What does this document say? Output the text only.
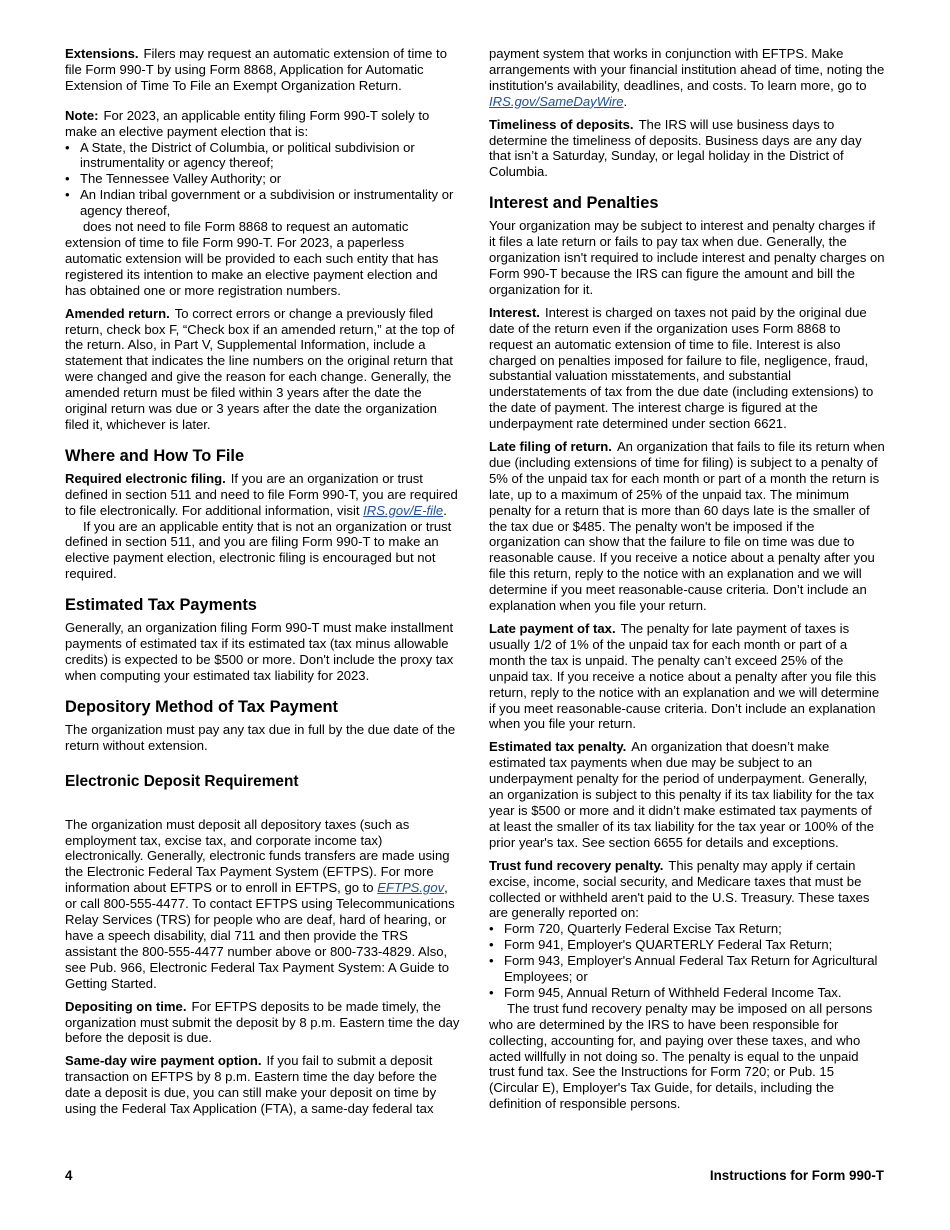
Extensions. Filers may request an automatic extension of time to file Form 990-T by using Form 8868, Application for Automatic Extension of Time To File an Exempt Organization Return.

Note: For 2023, an applicable entity filing Form 990-T solely to make an elective payment election that is:

• A State, the District of Columbia, or political subdivision or instrumentality or agency thereof;
• The Tennessee Valley Authority; or
• An Indian tribal government or a subdivision or instrumentality or agency thereof,

does not need to file Form 8868 to request an automatic extension of time to file Form 990-T. For 2023, a paperless automatic extension will be provided to each such entity that has registered its intention to make an elective payment election and has obtained one or more registration numbers.

Amended return. To correct errors or change a previously filed return, check box F, “Check box if an amended return,” at the top of the return. Also, in Part V, Supplemental Information, include a statement that indicates the line numbers on the original return that were changed and give the reason for each change. Generally, the amended return must be filed within 3 years after the date the original return was due or 3 years after the date the organization filed it, whichever is later.

Where and How To File

Required electronic filing. If you are an organization or trust defined in section 511 and need to file Form 990-T, you are required to file electronically. For additional information, visit IRS.gov/E-file.

If you are an applicable entity that is not an organization or trust defined in section 511, and you are filing Form 990-T to make an elective payment election, electronic filing is encouraged but not required.

Estimated Tax Payments

Generally, an organization filing Form 990-T must make installment payments of estimated tax if its estimated tax (tax minus allowable credits) is expected to be $500 or more. Don't include the proxy tax when computing your estimated tax liability for 2023.

Depository Method of Tax Payment

The organization must pay any tax due in full by the due date of the return without extension.

Electronic Deposit Requirement

The organization must deposit all depository taxes (such as employment tax, excise tax, and corporate income tax) electronically. Generally, electronic funds transfers are made using the Electronic Federal Tax Payment System (EFTPS). For more information about EFTPS or to enroll in EFTPS, go to EFTPS.gov, or call 800-555-4477. To contact EFTPS using Telecommunications Relay Services (TRS) for people who are deaf, hard of hearing, or have a speech disability, dial 711 and then provide the TRS assistant the 800-555-4477 number above or 800-733-4829. Also, see Pub. 966, Electronic Federal Tax Payment System: A Guide to Getting Started.

Depositing on time. For EFTPS deposits to be made timely, the organization must submit the deposit by 8 p.m. Eastern time the day before the deposit is due.

Same-day wire payment option. If you fail to submit a deposit transaction on EFTPS by 8 p.m. Eastern time the day before the date a deposit is due, you can still make your deposit on time by using the Federal Tax Application (FTA), a same-day federal tax

payment system that works in conjunction with EFTPS. Make arrangements with your financial institution ahead of time, noting the institution's availability, deadlines, and costs. To learn more, go to IRS.gov/SameDayWire.

Timeliness of deposits. The IRS will use business days to determine the timeliness of deposits. Business days are any day that isn’t a Saturday, Sunday, or legal holiday in the District of Columbia.

Interest and Penalties

Your organization may be subject to interest and penalty charges if it files a late return or fails to pay tax when due. Generally, the organization isn't required to include interest and penalty charges on Form 990-T because the IRS can figure the amount and bill the organization for it.

Interest. Interest is charged on taxes not paid by the original due date of the return even if the organization uses Form 8868 to request an automatic extension of time to file. Interest is also charged on penalties imposed for failure to file, negligence, fraud, substantial valuation misstatements, and substantial understatements of tax from the due date (including extensions) to the date of payment. The interest charge is figured at the underpayment rate determined under section 6621.

Late filing of return. An organization that fails to file its return when due (including extensions of time for filing) is subject to a penalty of 5% of the unpaid tax for each month or part of a month the return is late, up to a maximum of 25% of the unpaid tax. The minimum penalty for a return that is more than 60 days late is the smaller of the tax due or $485. The penalty won't be imposed if the organization can show that the failure to file on time was due to reasonable cause. If you receive a notice about a penalty after you file this return, reply to the notice with an explanation and we will determine if you meet reasonable-cause criteria. Don’t include an explanation when you file your return.

Late payment of tax. The penalty for late payment of taxes is usually 1/2 of 1% of the unpaid tax for each month or part of a month the tax is unpaid. The penalty can’t exceed 25% of the unpaid tax. If you receive a notice about a penalty after you file this return, reply to the notice with an explanation and we will determine if you meet reasonable-cause criteria. Don’t include an explanation when you file your return.

Estimated tax penalty. An organization that doesn’t make estimated tax payments when due may be subject to an underpayment penalty for the period of underpayment. Generally, an organization is subject to this penalty if its tax liability for the tax year is $500 or more and it didn’t make estimated tax payments of at least the smaller of its tax liability for the tax year or 100% of the prior year's tax. See section 6655 for details and exceptions.

Trust fund recovery penalty. This penalty may apply if certain excise, income, social security, and Medicare taxes that must be collected or withheld aren't paid to the U.S. Treasury. These taxes are generally reported on:

• Form 720, Quarterly Federal Excise Tax Return;
• Form 941, Employer's QUARTERLY Federal Tax Return;
• Form 943, Employer's Annual Federal Tax Return for Agricultural Employees; or
• Form 945, Annual Return of Withheld Federal Income Tax.

The trust fund recovery penalty may be imposed on all persons who are determined by the IRS to have been responsible for collecting, accounting for, and paying over these taxes, and who acted willfully in not doing so. The penalty is equal to the unpaid trust fund tax. See the Instructions for Form 720; or Pub. 15 (Circular E), Employer's Tax Guide, for details, including the definition of responsible persons.

4	Instructions for Form 990-T
